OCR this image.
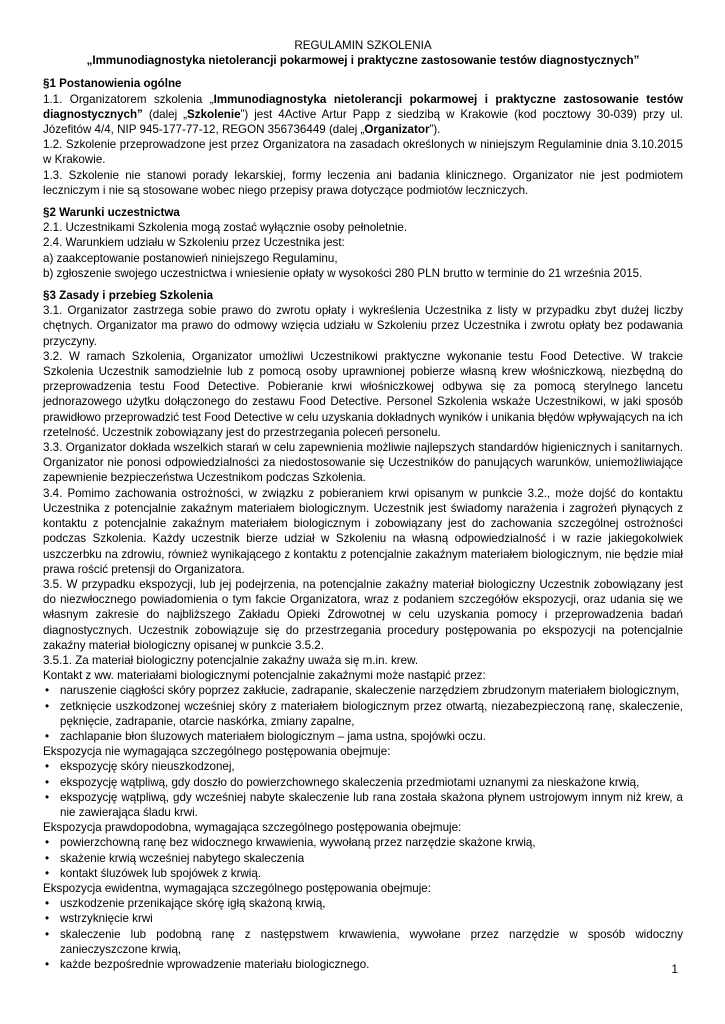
REGULAMIN SZKOLENIA

„Immunodiagnostyka nietolerancji pokarmowej i praktyczne zastosowanie testów diagnostycznych”

§1 Postanowienia ogólne

1.1. Organizatorem szkolenia „Immunodiagnostyka nietolerancji pokarmowej i praktyczne zastosowanie testów diagnostycznych” (dalej „Szkolenie”) jest 4Active Artur Papp z siedzibą w Krakowie (kod pocztowy 30-039) przy ul. Józefitów 4/4, NIP 945-177-77-12, REGON 356736449 (dalej „Organizator”).

1.2. Szkolenie przeprowadzone jest przez Organizatora na zasadach określonych w niniejszym Regulaminie dnia 3.10.2015 w Krakowie.

1.3. Szkolenie nie stanowi porady lekarskiej, formy leczenia ani badania klinicznego. Organizator nie jest podmiotem leczniczym i nie są stosowane wobec niego przepisy prawa dotyczące podmiotów leczniczych.

§2 Warunki uczestnictwa

2.1. Uczestnikami Szkolenia mogą zostać wyłącznie osoby pełnoletnie.

2.4. Warunkiem udziału w Szkoleniu przez Uczestnika jest:

a) zaakceptowanie postanowień niniejszego Regulaminu,

b) zgłoszenie swojego uczestnictwa i wniesienie opłaty w wysokości 280 PLN brutto w terminie do 21 września 2015.

§3 Zasady i przebieg Szkolenia

3.1. Organizator zastrzega sobie prawo do zwrotu opłaty i wykreślenia Uczestnika z listy w przypadku zbyt dużej liczby chętnych. Organizator ma prawo do odmowy wzięcia udziału w Szkoleniu przez Uczestnika i zwrotu opłaty bez podawania przyczyny.

3.2. W ramach Szkolenia, Organizator umożliwi Uczestnikowi praktyczne wykonanie testu Food Detective. W trakcie Szkolenia Uczestnik samodzielnie lub z pomocą osoby uprawnionej pobierze własną krew włośniczkową, niezbędną do przeprowadzenia testu Food Detective. Pobieranie krwi włośniczkowej odbywa się za pomocą sterylnego lancetu jednorazowego użytku dołączonego do zestawu Food Detective. Personel Szkolenia wskaże Uczestnikowi, w jaki sposób prawidłowo przeprowadzić test Food Detective w celu uzyskania dokładnych wyników i unikania błędów wpływających na ich rzetelność. Uczestnik zobowiązany jest do przestrzegania poleceń personelu.

3.3. Organizator dokłada wszelkich starań w celu zapewnienia możliwie najlepszych standardów higienicznych i sanitarnych. Organizator nie ponosi odpowiedzialności za niedostosowanie się Uczestników do panujących warunków, uniemożliwiające zapewnienie bezpieczeństwa Uczestnikom podczas Szkolenia.

3.4. Pomimo zachowania ostrożności, w związku z pobieraniem krwi opisanym w punkcie 3.2., może dojść do kontaktu Uczestnika z potencjalnie zakaźnym materiałem biologicznym. Uczestnik jest świadomy narażenia i zagrożeń płynących z kontaktu z potencjalnie zakaźnym materiałem biologicznym i zobowiązany jest do zachowania szczególnej ostrożności podczas Szkolenia. Każdy uczestnik bierze udział w Szkoleniu na własną odpowiedzialność i w razie jakiegokolwiek uszczerbku na zdrowiu, również wynikającego z kontaktu z potencjalnie zakaźnym materiałem biologicznym, nie będzie miał prawa rościć pretensji do Organizatora.

3.5. W przypadku ekspozycji, lub jej podejrzenia, na potencjalnie zakaźny materiał biologiczny Uczestnik zobowiązany jest do niezwłocznego powiadomienia o tym fakcie Organizatora, wraz z podaniem szczegółów ekspozycji, oraz udania się we własnym zakresie do najbliższego Zakładu Opieki Zdrowotnej w celu uzyskania pomocy i przeprowadzenia badań diagnostycznych. Uczestnik zobowiązuje się do przestrzegania procedury postępowania po ekspozycji na potencjalnie zakaźny materiał biologiczny opisanej w punkcie 3.5.2.

3.5.1. Za materiał biologiczny potencjalnie zakaźny uważa się m.in. krew.

Kontakt z ww. materiałami biologicznymi potencjalnie zakaźnymi może nastąpić przez:

• naruszenie ciągłości skóry poprzez zakłucie, zadrapanie, skaleczenie narzędziem zbrudzonym materiałem biologicznym,
• zetknięcie uszkodzonej wcześniej skóry z materiałem biologicznym przez otwartą, niezabezpieczoną ranę, skaleczenie, pęknięcie, zadrapanie, otarcie naskórka, zmiany zapalne,
• zachlapanie błon śluzowych materiałem biologicznym – jama ustna, spojówki oczu.

Ekspozycja nie wymagająca szczególnego postępowania obejmuje:

• ekspozycję skóry nieuszkodzonej,
• ekspozycję wątpliwą, gdy doszło do powierzchownego skaleczenia przedmiotami uznanymi za nieskażone krwią,
• ekspozycję wątpliwą, gdy wcześniej nabyte skaleczenie lub rana została skażona płynem ustrojowym innym niż krew, a nie zawierająca śladu krwi.

Ekspozycja prawdopodobna, wymagająca szczególnego postępowania obejmuje:

• powierzchowną ranę bez widocznego krwawienia, wywołaną przez narzędzie skażone krwią,
• skażenie krwią wcześniej nabytego skaleczenia
• kontakt śluzówek lub spojówek z krwią.

Ekspozycja ewidentna, wymagająca szczególnego postępowania obejmuje:

• uszkodzenie przenikające skórę igłą skażoną krwią,
• wstrzyknięcie krwi
• skaleczenie lub podobną ranę z następstwem krwawienia, wywołane przez narzędzie w sposób widoczny zanieczyszczone krwią,
• każde bezpośrednie wprowadzenie materiału biologicznego.	1
